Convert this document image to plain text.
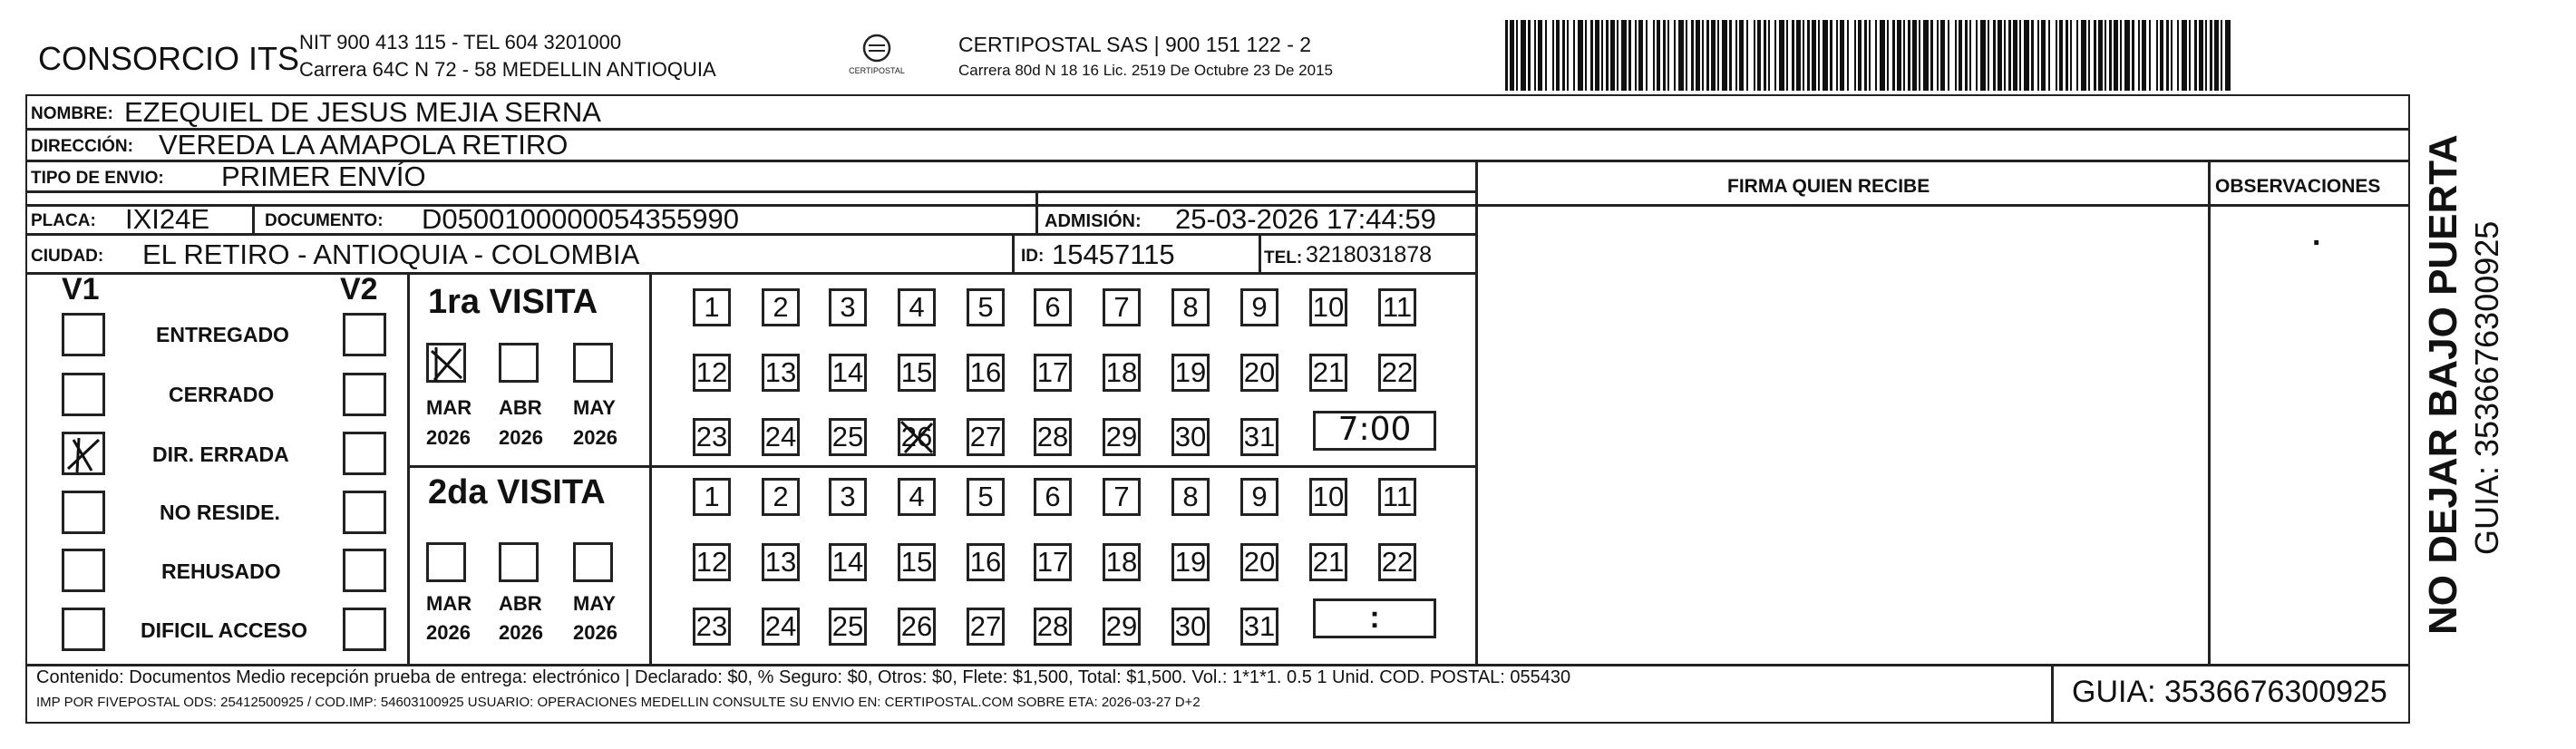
CONSORCIO ITS NIT 900 413 115 - TEL 604 3201000
Carrera 64C N 72 - 58 MEDELLIN ANTIOQUIA	CERTIPOSTAL
CERTIPOSTAL SAS | 900 151 122 - 2
Carrera 80d N 18 16 Lic. 2519 De Octubre 23 De 2015
NOMBRE: EZEQUIEL DE JESUS MEJIA SERNA
DIRECCIÓN: VEREDA LA AMAPOLA RETIRO
TIPO DE ENVIO: PRIMER ENVÍO
PLACA: IXI24E	DOCUMENTO: D0500100000054355990	ADMISIÓN: 25-03-2026 17:44:59
CIUDAD: EL RETIRO - ANTIOQUIA - COLOMBIA	ID: 15457115	TEL: 3218031878
FIRMA QUIEN RECIBE	OBSERVACIONES
.
V1	V2
ENTREGADO
CERRADO
DIR. ERRADA
NO RESIDE.
REHUSADO
DIFICIL ACCESO
1ra VISITA
MAR ABR MAY
2026 2026 2026
1	2	3	4	5	6	7	8	9	10 11
12 13 14 15 16 17 18 19 20 21 22
23 24 25 26 27 28 29 30 31	7:00
2da VISITA
MAR ABR MAY
2026 2026 2026
1	2	3	4	5	6	7	8	9	10 11
12 13 14 15 16 17 18 19 20 21 22
23 24 25 26 27 28 29 30 31	:
Contenido: Documentos Medio recepción prueba de entrega: electrónico | Declarado: $0, % Seguro: $0, Otros: $0, Flete: $1,500, Total: $1,500. Vol.: 1*1*1. 0.5 1 Unid. COD. POSTAL: 055430
IMP POR FIVEPOSTAL ODS: 25412500925 / COD.IMP: 54603100925 USUARIO: OPERACIONES MEDELLIN CONSULTE SU ENVIO EN: CERTIPOSTAL.COM SOBRE ETA: 2026-03-27 D+2	GUIA: 3536676300925
NO DEJAR BAJO PUERTA GUIA: 3536676300925
